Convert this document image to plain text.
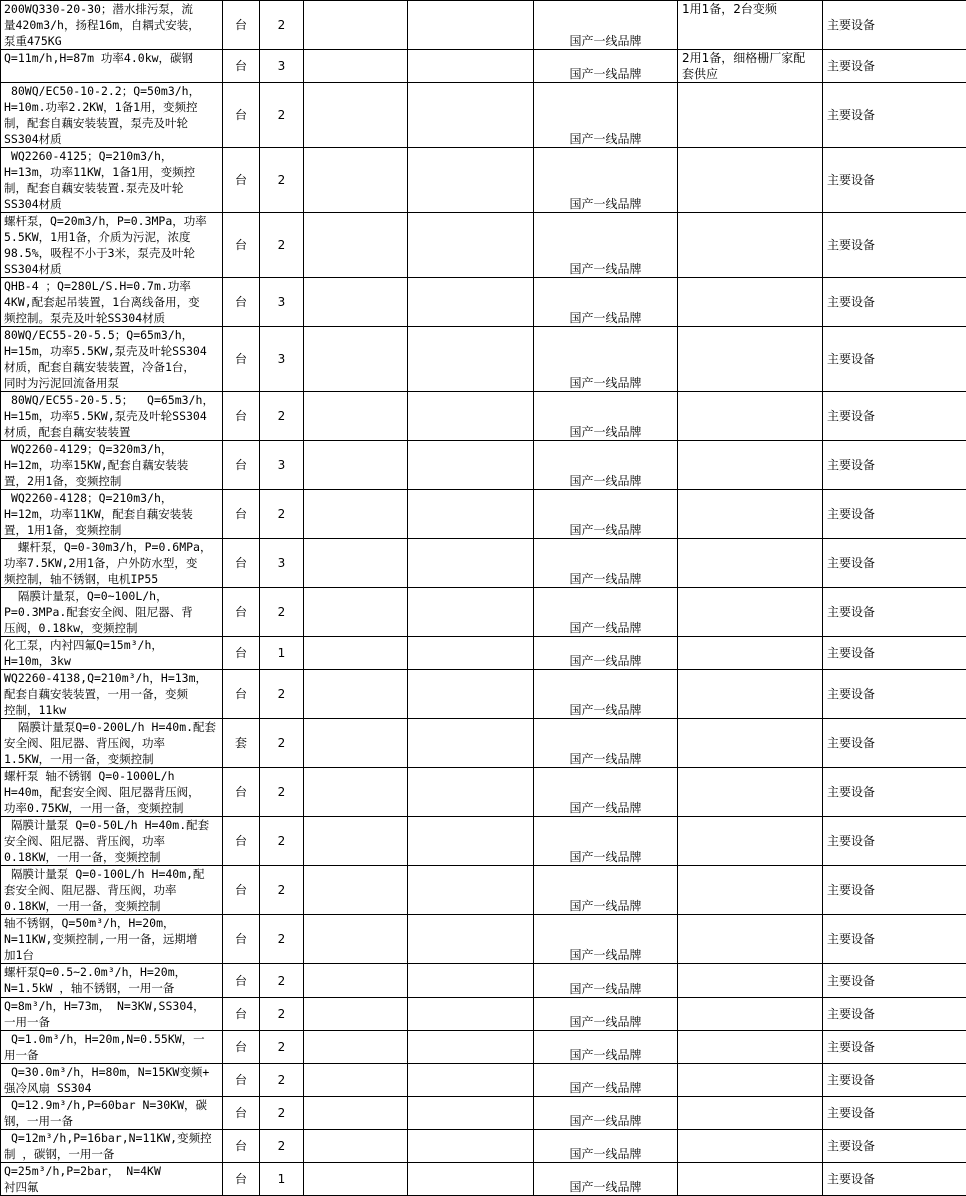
200WQ330-20-30；潜水排污泵，流
量420m3/h，扬程16m，自耦式安装，
泵重475KG	台	2			国产一线品牌	1用1备，2台变频	主要设备
Q=11m/h,H=87m 功率4.0kw，碳钢	台	3			国产一线品牌	2用1备，细格栅厂家配
套供应	主要设备
80WQ/EC50-10-2.2；Q=50m3/h，
H=10m.功率2.2KW，1备1用，变频控
制，配套自藕安装装置，泵壳及叶轮
SS304材质	台	2			国产一线品牌		主要设备
WQ2260-4125；Q=210m3/h，
H=13m，功率11KW，1备1用，变频控
制，配套自藕安装装置.泵壳及叶轮
SS304材质	台	2			国产一线品牌		主要设备
螺杆泵，Q=20m3/h，P=0.3MPa，功率
5.5KW，1用1备，介质为污泥，浓度
98.5%，吸程不小于3米，泵壳及叶轮
SS304材质	台	2			国产一线品牌		主要设备
QHB-4 ；Q=280L/S.H=0.7m.功率
4KW,配套起吊装置，1台离线备用，变
频控制。泵壳及叶轮SS304材质	台	3			国产一线品牌		主要设备
80WQ/EC55-20-5.5；Q=65m3/h，
H=15m，功率5.5KW,泵壳及叶轮SS304
材质，配套自藕安装装置，冷备1台，
同时为污泥回流备用泵	台	3			国产一线品牌		主要设备
80WQ/EC55-20-5.5；  Q=65m3/h，
H=15m，功率5.5KW,泵壳及叶轮SS304
材质，配套自藕安装装置	台	2			国产一线品牌		主要设备
WQ2260-4129；Q=320m3/h，
H=12m，功率15KW,配套自藕安装装
置，2用1备，变频控制	台	3			国产一线品牌		主要设备
WQ2260-4128；Q=210m3/h，
H=12m，功率11KW，配套自藕安装装
置，1用1备，变频控制	台	2			国产一线品牌		主要设备
螺杆泵，Q=0-30m3/h，P=0.6MPa，
功率7.5KW,2用1备，户外防水型，变
频控制，轴不锈钢，电机IP55	台	3			国产一线品牌		主要设备
隔膜计量泵，Q=0~100L/h，
P=0.3MPa.配套安全阀、阻尼器、背
压阀，0.18kw，变频控制	台	2			国产一线品牌		主要设备
化工泵，内衬四氟Q=15m³/h，
H=10m，3kw	台	1			国产一线品牌		主要设备
WQ2260-4138,Q=210m³/h，H=13m，
配套自藕安装装置，一用一备，变频
控制，11kw	台	2			国产一线品牌		主要设备
隔膜计量泵Q=0-200L/h H=40m.配套
安全阀、阻尼器、背压阀，功率
1.5KW，一用一备，变频控制	套	2			国产一线品牌		主要设备
螺杆泵 轴不锈钢 Q=0-1000L/h
H=40m，配套安全阀、阻尼器背压阀，
功率0.75KW，一用一备，变频控制	台	2			国产一线品牌		主要设备
隔膜计量泵 Q=0-50L/h H=40m.配套
安全阀、阻尼器、背压阀，功率
0.18KW，一用一备，变频控制	台	2			国产一线品牌		主要设备
隔膜计量泵 Q=0-100L/h H=40m,配
套安全阀、阻尼器、背压阀，功率
0.18KW，一用一备，变频控制	台	2			国产一线品牌		主要设备
轴不锈钢，Q=50m³/h，H=20m，
N=11KW,变频控制,一用一备，远期增
加1台	台	2			国产一线品牌		主要设备
螺杆泵Q=0.5~2.0m³/h，H=20m，
N=1.5kW ，轴不锈钢，一用一备	台	2			国产一线品牌		主要设备
Q=8m³/h，H=73m， N=3KW,SS304，
一用一备	台	2			国产一线品牌		主要设备
Q=1.0m³/h，H=20m,N=0.55KW，一
用一备	台	2			国产一线品牌		主要设备
Q=30.0m³/h，H=80m，N=15KW变频+
强冷风扇 SS304	台	2			国产一线品牌		主要设备
Q=12.9m³/h,P=60bar N=30KW，碳
钢，一用一备	台	2			国产一线品牌		主要设备
Q=12m³/h,P=16bar,N=11KW,变频控
制 ，碳钢，一用一备	台	2			国产一线品牌		主要设备
Q=25m³/h,P=2bar， N=4KW
衬四氟	台	1			国产一线品牌		主要设备
